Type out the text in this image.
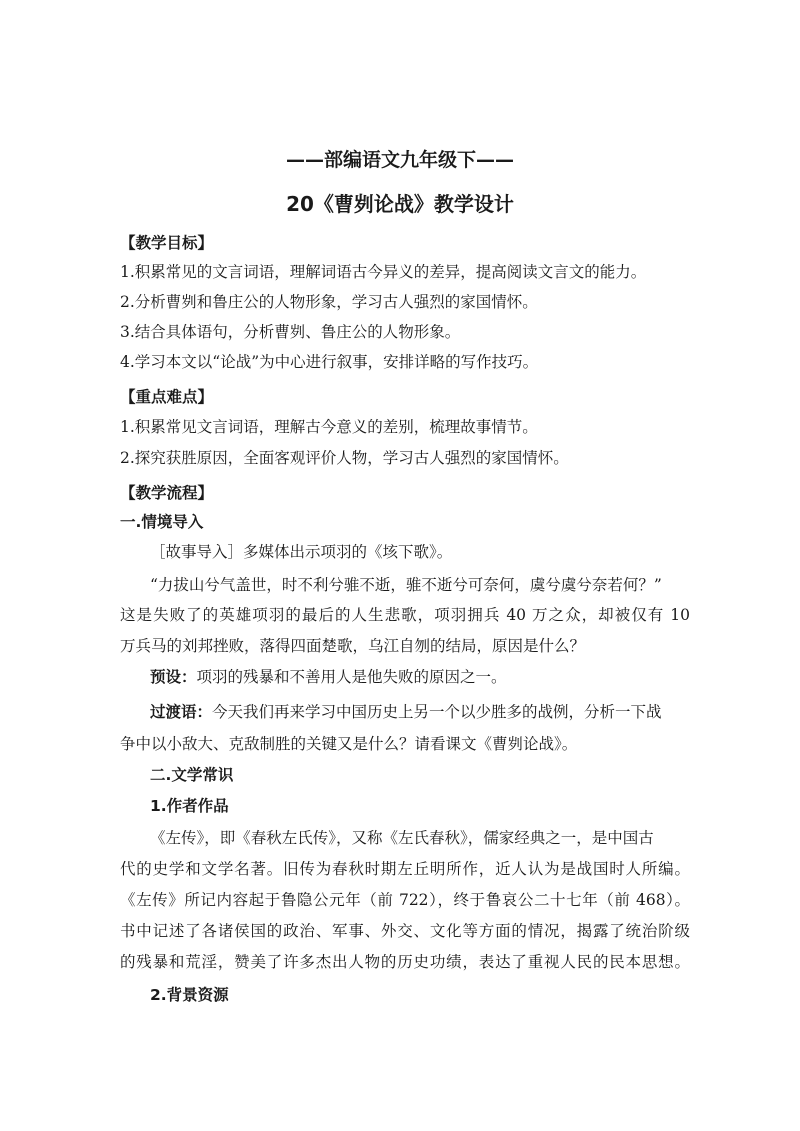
——部编语文九年级下——
20《曹刿论战》教学设计
【教学目标】
1.积累常见的文言词语，理解词语古今异义的差异，提高阅读文言文的能力。
2.分析曹刿和鲁庄公的人物形象，学习古人强烈的家国情怀。
3.结合具体语句，分析曹刿、鲁庄公的人物形象。
4.学习本文以“论战”为中心进行叙事，安排详略的写作技巧。
【重点难点】
1.积累常见文言词语，理解古今意义的差别，梳理故事情节。
2.探究获胜原因，全面客观评价人物，学习古人强烈的家国情怀。
【教学流程】
一.情境导入
［故事导入］多媒体出示项羽的《垓下歌》。
“力拔山兮气盖世，时不利兮骓不逝，骓不逝兮可奈何，虞兮虞兮奈若何？”
这是失败了的英雄项羽的最后的人生悲歌，项羽拥兵 40 万之众，却被仅有 10
万兵马的刘邦挫败，落得四面楚歌，乌江自刎的结局，原因是什么？
预设：项羽的残暴和不善用人是他失败的原因之一。
过渡语：今天我们再来学习中国历史上另一个以少胜多的战例，分析一下战
争中以小敌大、克敌制胜的关键又是什么？请看课文《曹刿论战》。
二.文学常识
1.作者作品
《左传》，即《春秋左氏传》，又称《左氏春秋》，儒家经典之一，是中国古
代的史学和文学名著。旧传为春秋时期左丘明所作，近人认为是战国时人所编。
《左传》所记内容起于鲁隐公元年（前 722），终于鲁哀公二十七年（前 468）。
书中记述了各诸侯国的政治、军事、外交、文化等方面的情况，揭露了统治阶级
的残暴和荒淫，赞美了许多杰出人物的历史功绩，表达了重视人民的民本思想。
2.背景资源
